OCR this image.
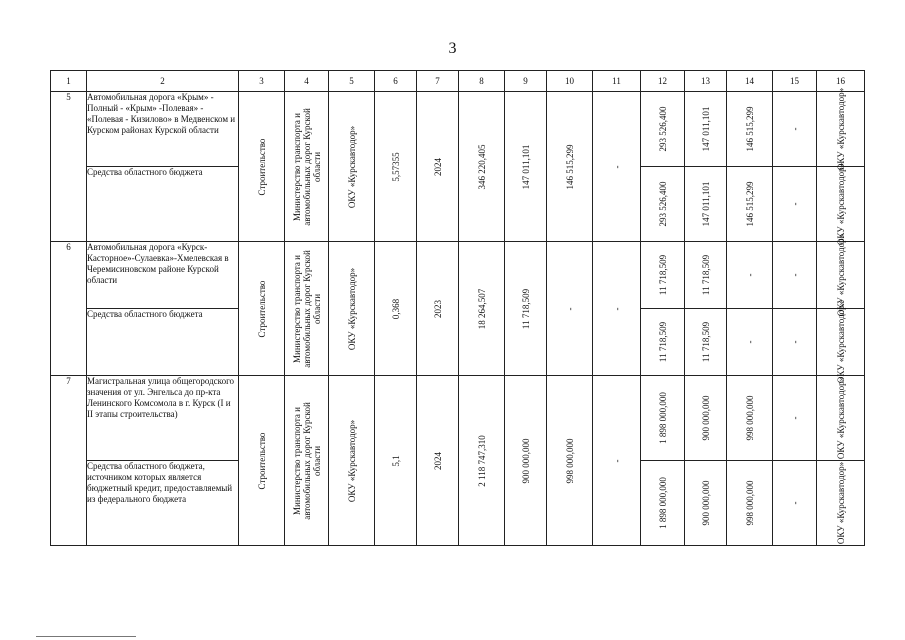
3
1	2	3	4	5	6	7	8	9	10	11	12	13	14	15	16
5	Автомобильная дорога «Крым» - Полный - «Крым» -Полевая» - «Полевая - Кизилово» в Медвенском и Курском районах Курской области	Строительство	Министерство транспорта и автомобильных дорог Курской области	ОКУ «Курскавтодор»	5,57355	2024	346 220,405	147 011,101	146 515,299	-	293 526,400	147 011,101	146 515,299	-	ОКУ «Курскавтодор»

	Средства областного бюджета										293 526,400	147 011,101	146 515,299	-	ОКУ «Курскавтодор»

6	Автомобильная дорога «Курск-Касторное»-Сулаевка»-Хмелевская в Черемисиновском районе Курской области	Строительство	Министерство транспорта и автомобильных дорог Курской области	ОКУ «Курскавтодор»	0,368	2023	18 264,507	11 718,509	-	-	11 718,509	11 718,509	-	-	ОКУ «Курскавтодор»

	Средства областного бюджета										11 718,509	11 718,509	-	-	ОКУ «Курскавтодор»

7	Магистральная улица общегородского значения от ул. Энгельса до пр-кта Ленинского Комсомола в г. Курск (I и II этапы строительства)	Строительство	Министерство транспорта и автомобильных дорог Курской области	ОКУ «Курскавтодор»	5,1	2024	2 118 747,310	900 000,000	998 000,000	-	1 898 000,000	900 000,000	998 000,000	-	ОКУ «Курскавтодор»

	Средства областного бюджета, источником которых является бюджетный кредит, предоставляемый из федерального бюджета										1 898 000,000	900 000,000	998 000,000	-	ОКУ «Курскавтодор»
